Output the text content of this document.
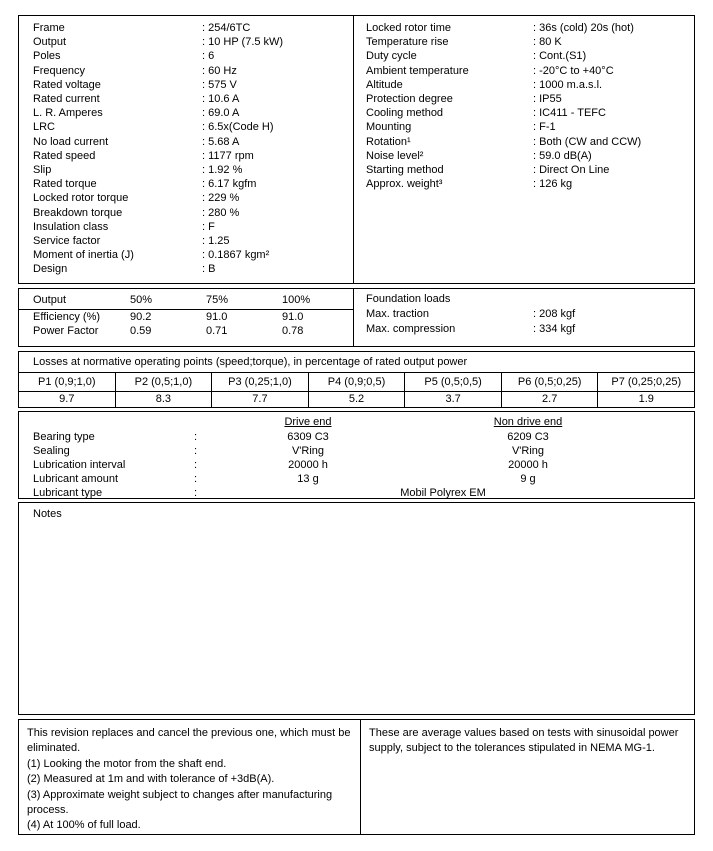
Frame	: 254/6TC
Output	: 10 HP (7.5 kW)
Poles	: 6
Frequency	: 60 Hz
Rated voltage	: 575 V
Rated current	: 10.6 A
L. R. Amperes	: 69.0 A
LRC	: 6.5x(Code H)
No load current	: 5.68 A
Rated speed	: 1177 rpm
Slip	: 1.92 %
Rated torque	: 6.17 kgfm
Locked rotor torque	: 229 %
Breakdown torque	: 280 %
Insulation class	: F
Service factor	: 1.25
Moment of inertia (J)	: 0.1867 kgm²
Design	: B
Locked rotor time	: 36s (cold) 20s (hot)
Temperature rise	: 80 K
Duty cycle	: Cont.(S1)
Ambient temperature	: -20°C to +40°C
Altitude	: 1000 m.a.s.l.
Protection degree	: IP55
Cooling method	: IC411 - TEFC
Mounting	: F-1
Rotation¹	: Both (CW and CCW)
Noise level²	: 59.0 dB(A)
Starting method	: Direct On Line
Approx. weight³	: 126 kg
Output	50%	75%	100%
Efficiency (%)	90.2	91.0	91.0
Power Factor	0.59	0.71	0.78
Foundation loads
Max. traction	: 208 kgf
Max. compression	: 334 kgf
Losses at normative operating points (speed;torque), in percentage of rated output power
P1 (0,9;1,0)	P2 (0,5;1,0)	P3 (0,25;1,0)	P4 (0,9;0,5)	P5 (0,5;0,5)	P6 (0,5;0,25)	P7 (0,25;0,25)
9.7	8.3	7.7	5.2	3.7	2.7	1.9
Drive end	Non drive end
Bearing type	:	6309 C3	6209 C3
Sealing	:	V'Ring	V'Ring
Lubrication interval	:	20000 h	20000 h
Lubricant amount	:	13 g	9 g
Lubricant type	:	Mobil Polyrex EM
Notes
This revision replaces and cancel the previous one, which must be eliminated.
(1) Looking the motor from the shaft end.
(2) Measured at 1m and with tolerance of +3dB(A).
(3) Approximate weight subject to changes after manufacturing process.
(4) At 100% of full load.
These are average values based on tests with sinusoidal power supply, subject to the tolerances stipulated in NEMA MG-1.
